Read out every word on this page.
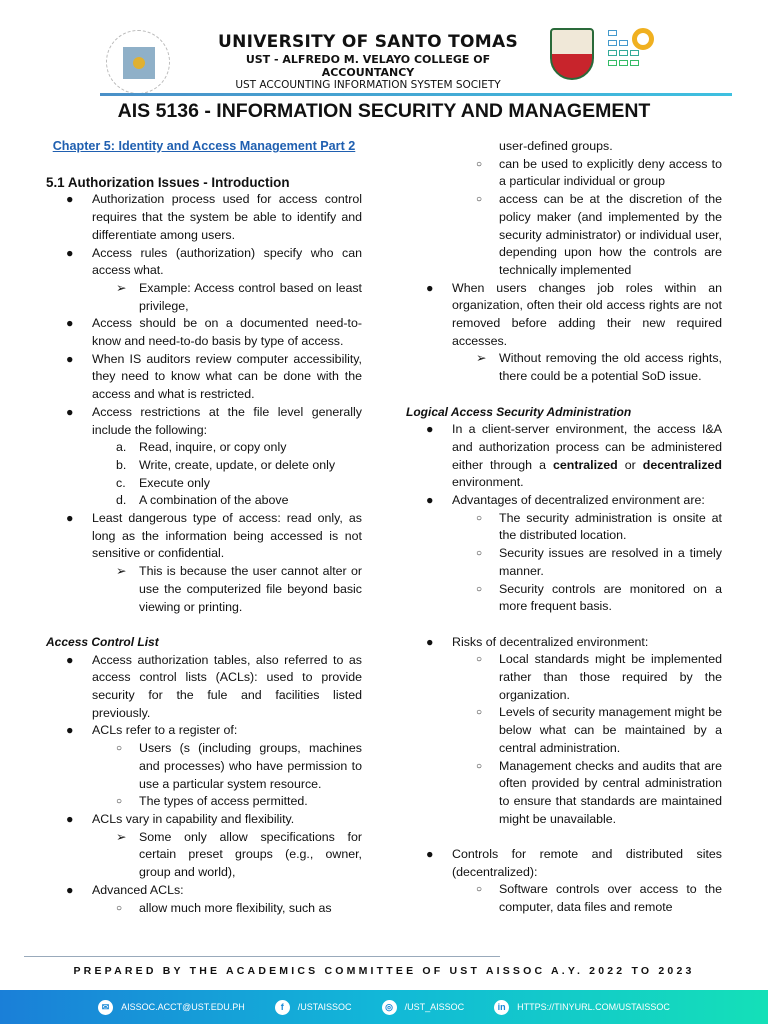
UNIVERSITY OF SANTO TOMAS
UST - ALFREDO M. VELAYO COLLEGE OF ACCOUNTANCY
UST ACCOUNTING INFORMATION SYSTEM SOCIETY
AIS 5136 - INFORMATION SECURITY AND MANAGEMENT
Chapter 5: Identity and Access Management Part 2
5.1 Authorization Issues - Introduction
● Authorization process used for access control requires that the system be able to identify and differentiate among users.
● Access rules (authorization) specify who can access what.
➢ Example: Access control based on least privilege,
● Access should be on a documented need-to-know and need-to-do basis by type of access.
● When IS auditors review computer accessibility, they need to know what can be done with the access and what is restricted.
● Access restrictions at the file level generally include the following:
a. Read, inquire, or copy only
b. Write, create, update, or delete only
c. Execute only
d. A combination of the above
● Least dangerous type of access: read only, as long as the information being accessed is not sensitive or confidential.
➢ This is because the user cannot alter or use the computerized file beyond basic viewing or printing.
Access Control List
● Access authorization tables, also referred to as access control lists (ACLs): used to provide security for the fule and facilities listed previously.
● ACLs refer to a register of:
○ Users (s (including groups, machines and processes) who have permission to use a particular system resource.
○ The types of access permitted.
● ACLs vary in capability and flexibility.
➢ Some only allow specifications for certain preset groups (e.g., owner, group and world),
● Advanced ACLs:
○ allow much more flexibility, such as
user-defined groups.
○ can be used to explicitly deny access to a particular individual or group
○ access can be at the discretion of the policy maker (and implemented by the security administrator) or individual user, depending upon how the controls are technically implemented
● When users changes job roles within an organization, often their old access rights are not removed before adding their new required accesses.
➢ Without removing the old access rights, there could be a potential SoD issue.
Logical Access Security Administration
● In a client-server environment, the access I&A and authorization process can be administered either through a centralized or decentralized environment.
● Advantages of decentralized environment are:
○ The security administration is onsite at the distributed location.
○ Security issues are resolved in a timely manner.
○ Security controls are monitored on a more frequent basis.
● Risks of decentralized environment:
○ Local standards might be implemented rather than those required by the organization.
○ Levels of security management might be below what can be maintained by a central administration.
○ Management checks and audits that are often provided by central administration to ensure that standards are maintained might be unavailable.
● Controls for remote and distributed sites (decentralized):
○ Software controls over access to the computer, data files and remote
PREPARED BY THE ACADEMICS COMMITTEE OF UST AISSOC A.Y. 2022 TO 2023
✉	AISSOC.ACCT@UST.EDU.PH	f	/USTAISSOC	◎	/UST_AISSOC	in	HTTPS://TINYURL.COM/USTAISSOC
